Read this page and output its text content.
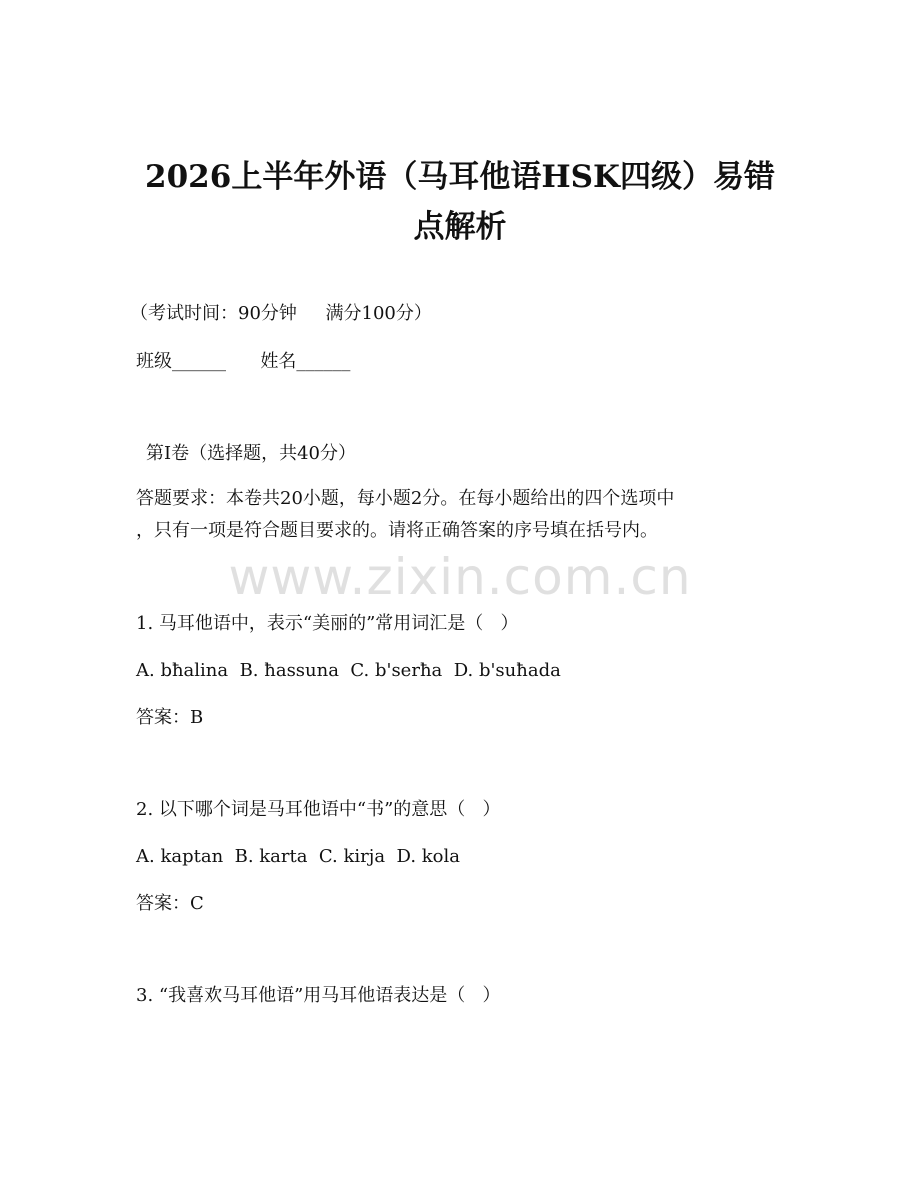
2026上半年外语（马耳他语HSK四级）易错
点解析

（考试时间：90分钟     满分100分）

班级______      姓名______

第I卷（选择题，共40分）

答题要求：本卷共20小题，每小题2分。在每小题给出的四个选项中

，只有一项是符合题目要求的。请将正确答案的序号填在括号内。

www.zixin.com.cn

1. 马耳他语中，表示“美丽的”常用词汇是（   ）

A. bħalina  B. ħassuna  C. b'serħa  D. b'suħada

答案：B

2. 以下哪个词是马耳他语中“书”的意思（   ）

A. kaptan  B. karta  C. kirja  D. kola

答案：C

3. “我喜欢马耳他语”用马耳他语表达是（   ）
